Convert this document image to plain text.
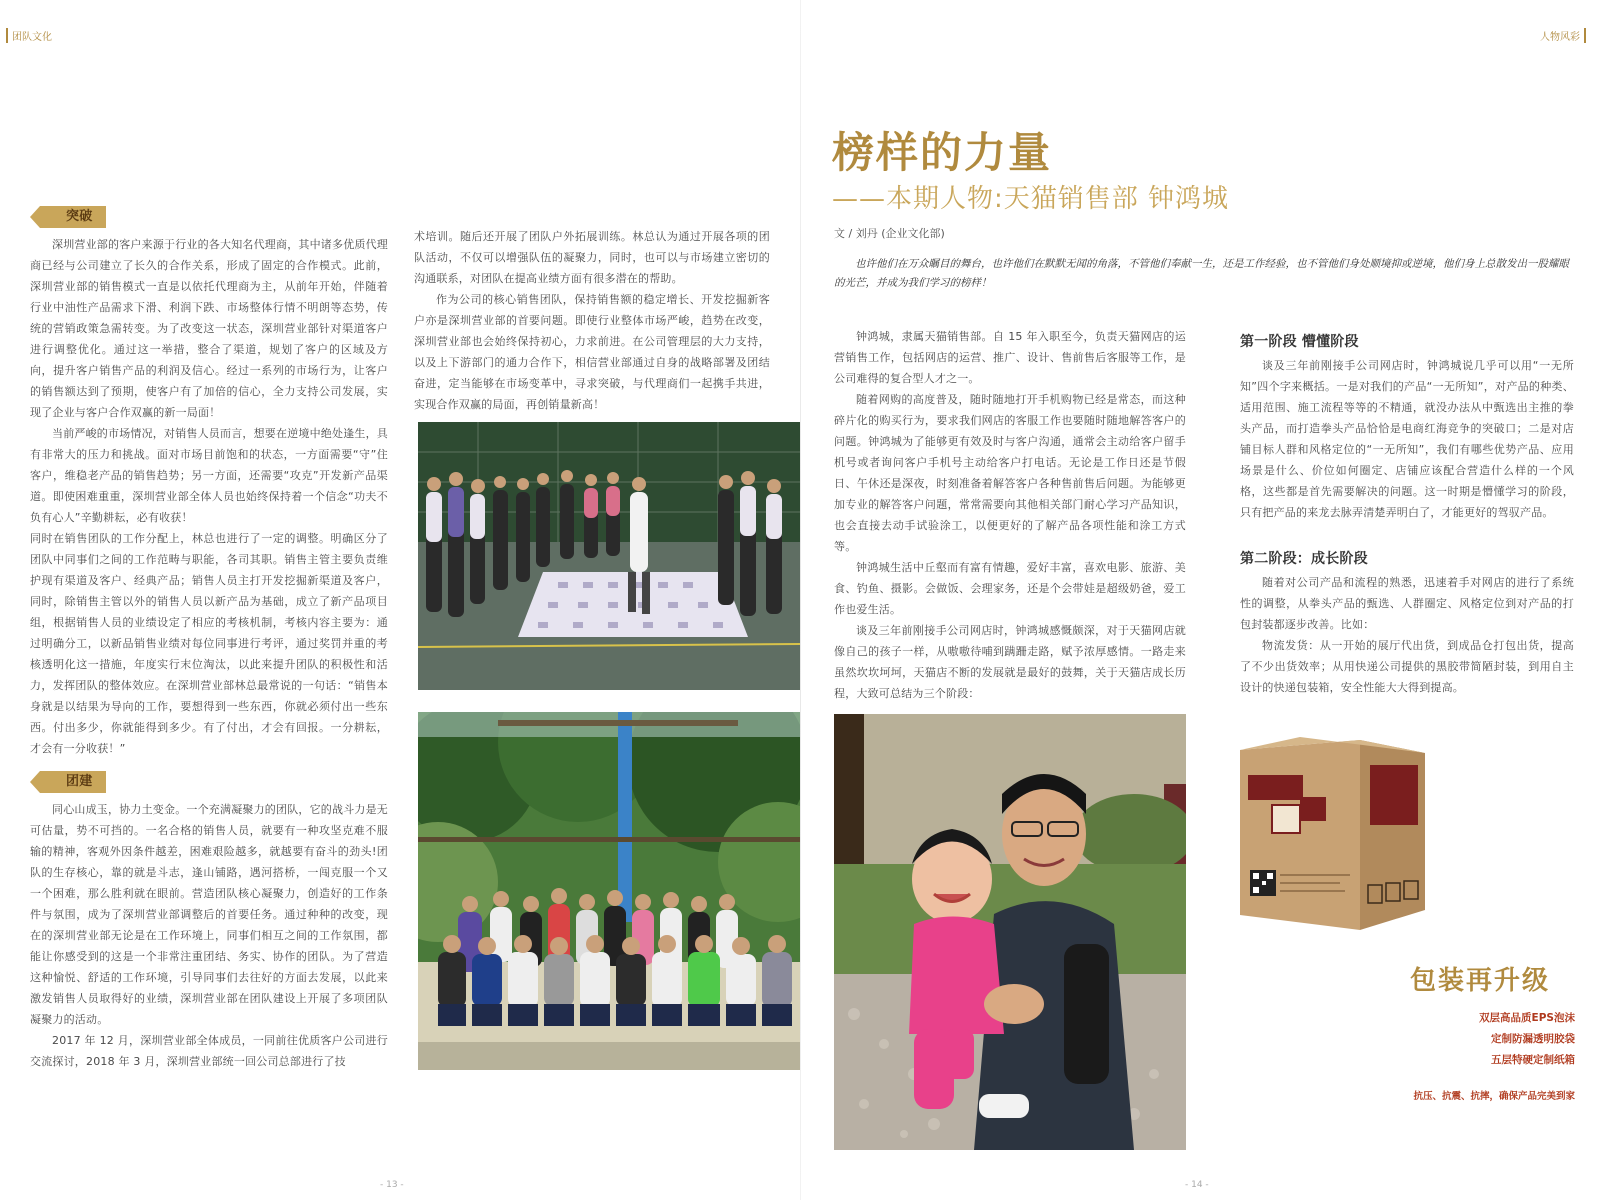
团队文化	人物风彩
突破

深圳营业部的客户来源于行业的各大知名代理商，其中诸多优质代理商已经与公司建立了长久的合作关系，形成了固定的合作模式。此前，深圳营业部的销售模式一直是以依托代理商为主，从前年开始，伴随着行业中油性产品需求下滑、利润下跌、市场整体行情不明朗等态势，传统的营销政策急需转变。为了改变这一状态，深圳营业部针对渠道客户进行调整优化。通过这一举措，整合了渠道，规划了客户的区域及方向，提升客户销售产品的利润及信心。经过一系列的市场行为，让客户的销售额达到了预期，使客户有了加倍的信心，全力支持公司发展，实现了企业与客户合作双赢的新一局面！

当前严峻的市场情况，对销售人员而言，想要在逆境中绝处逢生，具有非常大的压力和挑战。面对市场目前饱和的状态，一方面需要“守”住客户，维稳老产品的销售趋势；另一方面，还需要“攻克”开发新产品渠道。即使困难重重，深圳营业部全体人员也始终保持着一个信念“功夫不负有心人”辛勤耕耘，必有收获！

同时在销售团队的工作分配上，林总也进行了一定的调整。明确区分了团队中同事们之间的工作范畴与职能，各司其职。销售主管主要负责维护现有渠道及客户、经典产品；销售人员主打开发挖掘新渠道及客户，同时，除销售主管以外的销售人员以新产品为基础，成立了新产品项目组，根据销售人员的业绩设定了相应的考核机制，考核内容主要为：通过明确分工，以新品销售业绩对每位同事进行考评，通过奖罚并重的考核透明化这一措施，年度实行末位淘汰，以此来提升团队的积极性和活力，发挥团队的整体效应。在深圳营业部林总最常说的一句话：“销售本身就是以结果为导向的工作，要想得到一些东西，你就必须付出一些东西。付出多少，你就能得到多少。有了付出，才会有回报。一分耕耘，才会有一分收获！”

团建

同心山成玉，协力土变金。一个充满凝聚力的团队，它的战斗力是无可估量，势不可挡的。一名合格的销售人员，就要有一种攻坚克难不服输的精神，客观外因条件越差，困难艰险越多，就越要有奋斗的劲头!团队的生存核心，靠的就是斗志，逢山铺路，遇河搭桥，一闯克服一个又一个困难，那么胜利就在眼前。营造团队核心凝聚力，创造好的工作条件与氛围，成为了深圳营业部调整后的首要任务。通过种种的改变，现在的深圳营业部无论是在工作环境上，同事们相互之间的工作氛围，都能让你感受到的这是一个非常注重团结、务实、协作的团队。为了营造这种愉悦、舒适的工作环境，引导同事们去往好的方面去发展，以此来激发销售人员取得好的业绩，深圳营业部在团队建设上开展了多项团队凝聚力的活动。

2017 年 12 月，深圳营业部全体成员，一同前往优质客户公司进行交流探讨，2018 年 3 月，深圳营业部统一回公司总部进行了技

术培训。随后还开展了团队户外拓展训练。林总认为通过开展各项的团队活动，不仅可以增强队伍的凝聚力，同时，也可以与市场建立密切的沟通联系，对团队在提高业绩方面有很多潜在的帮助。

作为公司的核心销售团队，保持销售额的稳定增长、开发挖掘新客户亦是深圳营业部的首要问题。即使行业整体市场严峻，趋势在改变，深圳营业部也会始终保持初心，力求前进。在公司管理层的大力支持，以及上下游部门的通力合作下，相信营业部通过自身的战略部署及团结奋进，定当能够在市场变革中，寻求突破，与代理商们一起携手共进，实现合作双赢的局面，再创销量新高！

- 13 -
榜样的力量
——本期人物:天猫销售部 钟鸿城
文 / 刘丹 (企业文化部)
也许他们在万众瞩目的舞台，也许他们在默默无闻的角落，不管他们奉献一生，还是工作经验，也不管他们身处顺境抑或逆境，他们身上总散发出一股耀眼的光芒，并成为我们学习的榜样！

钟鸿城，隶属天猫销售部。自 15 年入职至今，负责天猫网店的运营销售工作，包括网店的运营、推广、设计、售前售后客服等工作，是公司难得的复合型人才之一。

随着网购的高度普及，随时随地打开手机购物已经是常态，而这种碎片化的购买行为，要求我们网店的客服工作也要随时随地解答客户的问题。钟鸿城为了能够更有效及时与客户沟通，通常会主动给客户留手机号或者询问客户手机号主动给客户打电话。无论是工作日还是节假日、午休还是深夜，时刻准备着解答客户各种售前售后问题。为能够更加专业的解答客户问题，常常需要向其他相关部门耐心学习产品知识，也会直接去动手试验涂工，以便更好的了解产品各项性能和涂工方式等。

钟鸿城生活中丘壑而有富有情趣，爱好丰富，喜欢电影、旅游、美食、钓鱼、摄影。会做饭、会理家务，还是个会带娃是超级奶爸，爱工作也爱生活。

谈及三年前刚接手公司网店时，钟鸿城感慨颇深，对于天猫网店就像自己的孩子一样，从嗷嗷待哺到蹒跚走路，赋予浓厚感情。一路走来虽然坎坎坷坷，天猫店不断的发展就是最好的鼓舞，关于天猫店成长历程，大致可总结为三个阶段：

第一阶段 懵懂阶段

谈及三年前刚接手公司网店时，钟鸿城说几乎可以用“一无所知”四个字来概括。一是对我们的产品“一无所知”，对产品的种类、适用范围、施工流程等等的不精通，就没办法从中甄选出主推的拳头产品，而打造拳头产品恰恰是电商红海竞争的突破口；二是对店铺目标人群和风格定位的“一无所知”，我们有哪些优势产品、应用场景是什么、价位如何圈定、店铺应该配合营造什么样的一个风格，这些都是首先需要解决的问题。这一时期是懵懂学习的阶段，只有把产品的来龙去脉弄清楚弄明白了，才能更好的驾驭产品。

第二阶段：成长阶段

随着对公司产品和流程的熟悉，迅速着手对网店的进行了系统性的调整，从拳头产品的甄选、人群圈定、风格定位到对产品的打包封装都逐步改善。比如：

物流发货：从一开始的展厅代出货，到成品仓打包出货，提高了不少出货效率；从用快递公司提供的黑胶带简陋封装，到用自主设计的快递包装箱，安全性能大大得到提高。

包装再升级
双层高品质EPS泡沫
定制防漏透明胶袋
五层特硬定制纸箱
抗压、抗震、抗摔，确保产品完美到家
- 14 -
